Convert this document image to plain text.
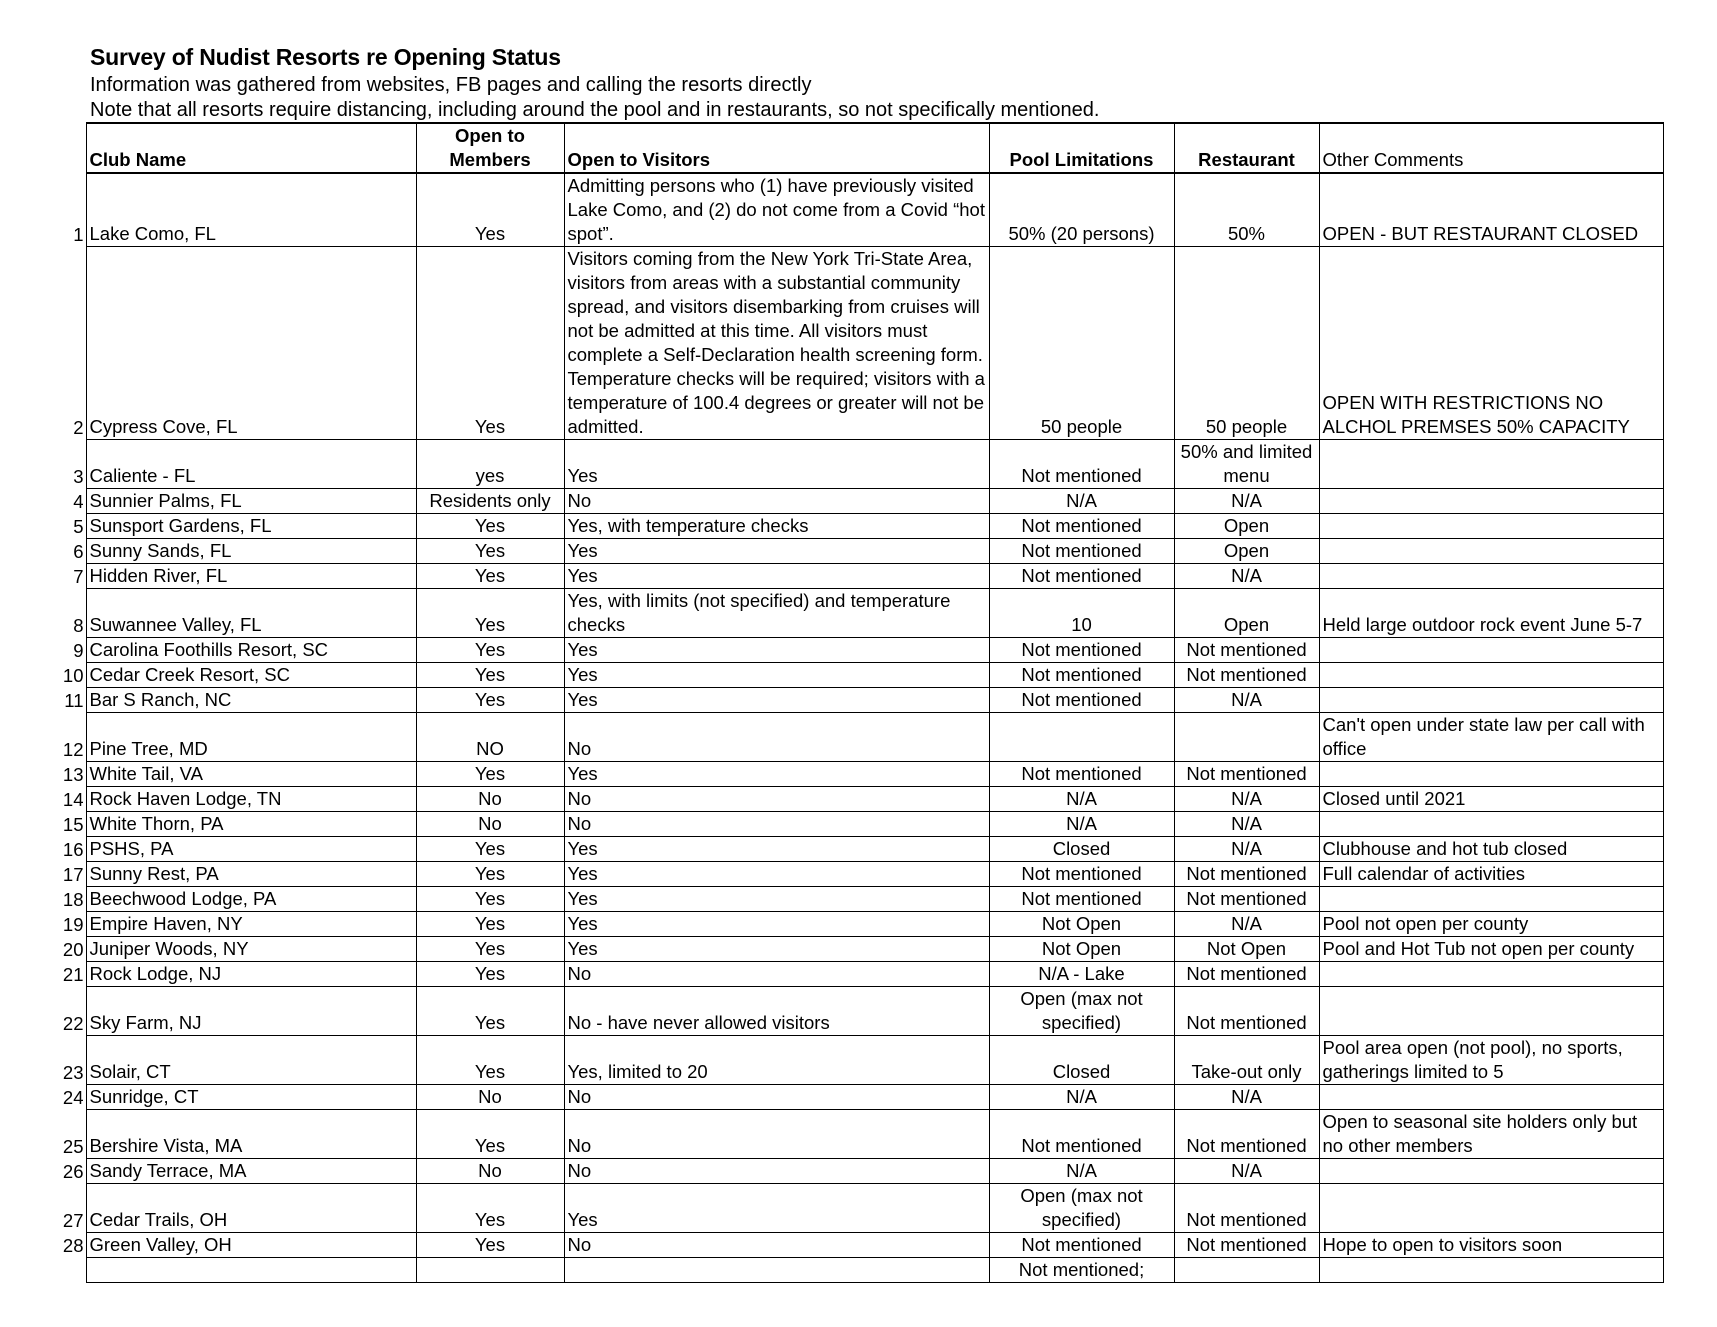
Survey of Nudist Resorts re Opening Status
Information was gathered from websites, FB pages and calling the resorts directly
Note that all resorts require distancing, including around the pool and in restaurants, so not specifically mentioned.
	Club Name	Open to Members	Open to Visitors	Pool Limitations	Restaurant	Other Comments
1	Lake Como, FL	Yes	Admitting persons who (1) have previously visited Lake Como, and (2) do not come from a Covid “hot spot”.	50% (20 persons)	50%	OPEN - BUT RESTAURANT CLOSED
2	Cypress Cove, FL	Yes	Visitors coming from the New York Tri-State Area, visitors from areas with a substantial community spread, and visitors disembarking from cruises will not be admitted at this time. All visitors must complete a Self-Declaration health screening form. Temperature checks will be required; visitors with a temperature of 100.4 degrees or greater will not be admitted.	50 people	50 people	OPEN WITH RESTRICTIONS NO ALCHOL PREMSES 50% CAPACITY
3	Caliente - FL	yes	Yes	Not mentioned	50% and limited menu	
4	Sunnier Palms, FL	Residents only	No	N/A	N/A	
5	Sunsport Gardens, FL	Yes	Yes, with temperature checks	Not mentioned	Open	
6	Sunny Sands, FL	Yes	Yes	Not mentioned	Open	
7	Hidden River, FL	Yes	Yes	Not mentioned	N/A	
8	Suwannee Valley, FL	Yes	Yes, with limits (not specified) and temperature checks	10	Open	Held large outdoor rock event June 5-7
9	Carolina Foothills Resort, SC	Yes	Yes	Not mentioned	Not mentioned	
10	Cedar Creek Resort, SC	Yes	Yes	Not mentioned	Not mentioned	
11	Bar S Ranch, NC	Yes	Yes	Not mentioned	N/A	
12	Pine Tree, MD	NO	No			Can't open under state law per call with office
13	White Tail, VA	Yes	Yes	Not mentioned	Not mentioned	
14	Rock Haven Lodge, TN	No	No	N/A	N/A	Closed until 2021
15	White Thorn, PA	No	No	N/A	N/A	
16	PSHS, PA	Yes	Yes	Closed	N/A	Clubhouse and hot tub closed
17	Sunny Rest, PA	Yes	Yes	Not mentioned	Not mentioned	Full calendar of activities
18	Beechwood Lodge, PA	Yes	Yes	Not mentioned	Not mentioned	
19	Empire Haven, NY	Yes	Yes	Not Open	N/A	Pool not open per county
20	Juniper Woods, NY	Yes	Yes	Not Open	Not Open	Pool and Hot Tub not open per county
21	Rock Lodge, NJ	Yes	No	N/A - Lake	Not mentioned	
22	Sky Farm, NJ	Yes	No - have never allowed visitors	Open (max not specified)	Not mentioned	
23	Solair, CT	Yes	Yes, limited to 20	Closed	Take-out only	Pool area open (not pool), no sports, gatherings limited to 5
24	Sunridge, CT	No	No	N/A	N/A	
25	Bershire Vista, MA	Yes	No	Not mentioned	Not mentioned	Open to seasonal site holders only but no other members
26	Sandy Terrace, MA	No	No	N/A	N/A	
27	Cedar Trails, OH	Yes	Yes	Open (max not specified)	Not mentioned	
28	Green Valley, OH	Yes	No	Not mentioned	Not mentioned	Hope to open to visitors soon
				Not mentioned;		
